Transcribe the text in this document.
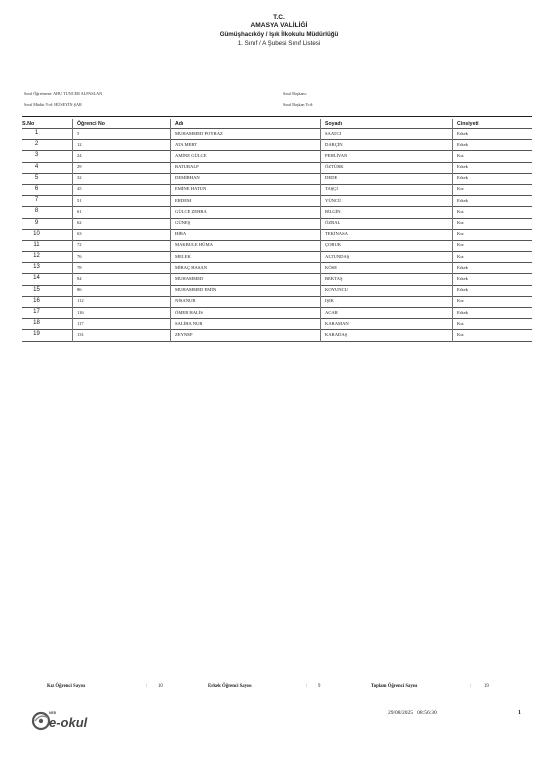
T.C.
AMASYA VALİLİĞİ
Gümüşhacıköy / Işık İlkokulu Müdürlüğü
1. Sınıf / A Şubesi Sınıf Listesi
Sınıf Öğretmeni: AHU TUNCER ALPASLAN	Sınıf Başkanı:
Sınıf Müdür Yrd: HÜSEYİN ŞAR	Sınıf Başkan Yrd:
S.No	Öğrenci No	Adı	Soyadı	Cinsiyeti
1	5	MUHAMMED POYRAZ	SAATCI	Erkek
2	12	ATA MERT	DARÇİN	Erkek
3	24	AMİNE GÜLCE	PEHLİVAN	Kız
4	29	BATURALP	ÖZTÜRK	Erkek
5	32	DEMİRHAN	DEDE	Erkek
6	45	EMİNE HATUN	TAŞÇI	Kız
7	51	ERDEM	YÜNCÜ	Erkek
8	61	GÜLCE ZEHRA	BİLGİN	Kız
9	62	GÜNEŞ	ÖZBAL	Kız
10	63	HİRA	TEKİNASA	Kız
11	72	MAKBULE HÜMA	ÇORUK	Kız
12	76	MELEK	ALTUNDAŞ	Kız
13	78	MİRAÇ HASAN	KÖSE	Erkek
14	84	MUHAMMED	BEKTAŞ	Erkek
15	86	MUHAMMED EMİN	KOYUNCU	Erkek
16	112	NİSANUR	IŞIK	Kız
17	116	ÖMER HALİS	ACAR	Erkek
18	117	SALİHA NUR	KARAMAN	Kız
19	131	ZEYNEP	KARADAŞ	Kız
Kız Öğrenci Sayısı	: 10	Erkek Öğrenci Sayısı	: 9	Toplam Öğrenci Sayısı	:	19
MEB
e-okul
29/08/2025   08:56:30	1
